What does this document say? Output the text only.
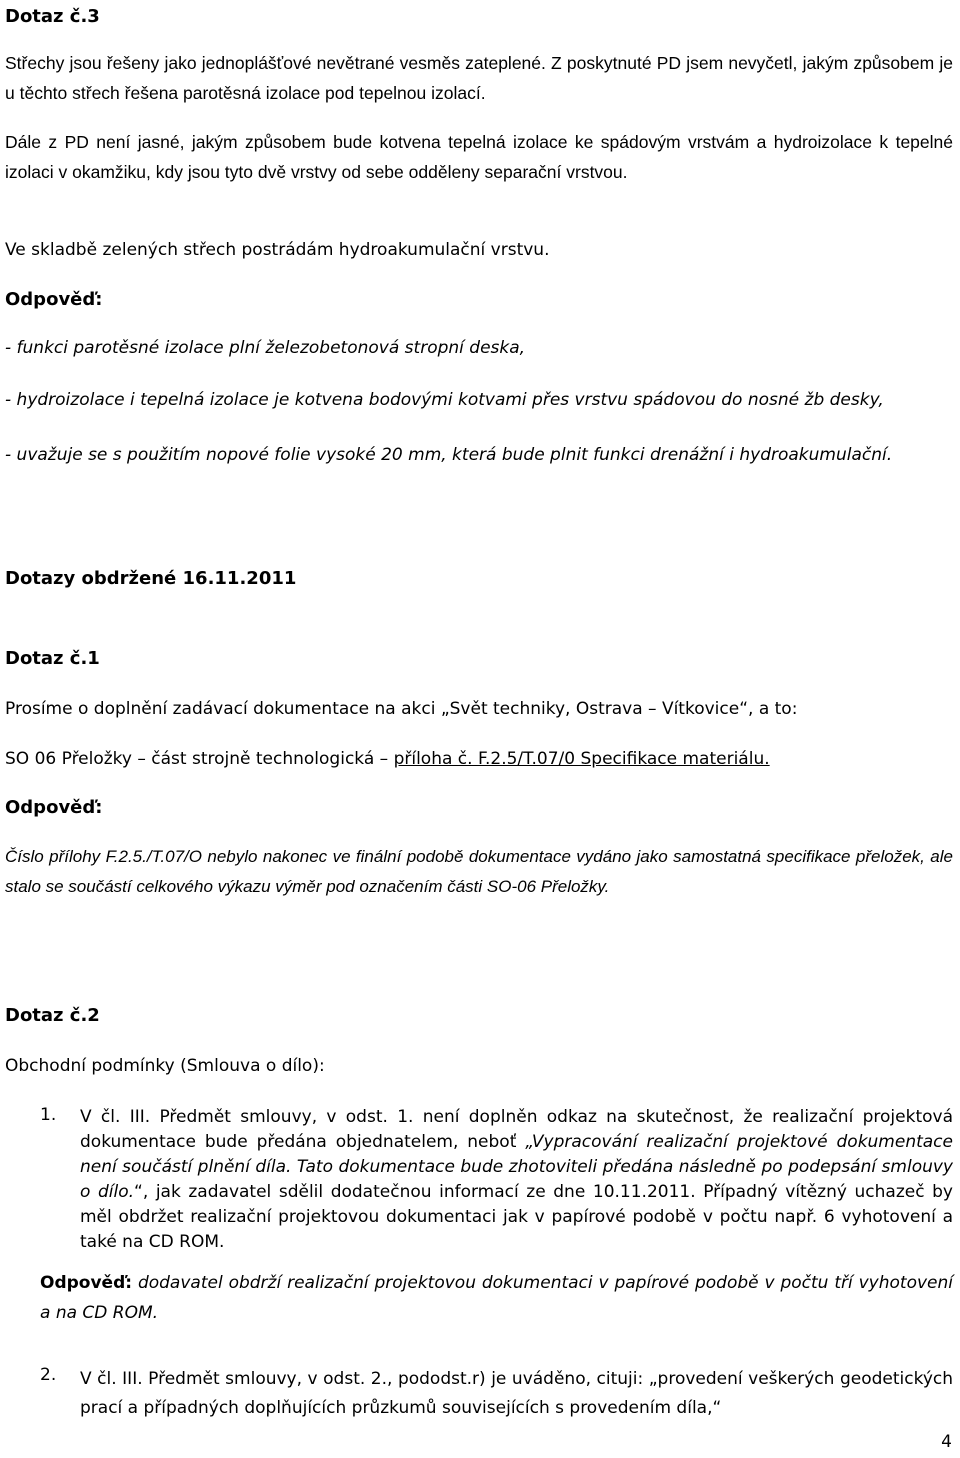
Dotaz č.3
Střechy jsou řešeny jako jednoplášťové nevětrané vesměs zateplené. Z poskytnuté PD jsem nevyčetl, jakým způsobem je u těchto střech řešena parotěsná izolace pod tepelnou izolací.
Dále z PD není jasné, jakým způsobem bude kotvena tepelná izolace ke spádovým vrstvám a hydroizolace k tepelné izolaci v okamžiku, kdy jsou tyto dvě vrstvy od sebe odděleny separační vrstvou.
Ve skladbě zelených střech postrádám hydroakumulační vrstvu.
Odpověď:
- funkci parotěsné izolace plní železobetonová stropní deska,
- hydroizolace i tepelná izolace je kotvena bodovými kotvami přes vrstvu spádovou do nosné žb desky,
- uvažuje se s použitím nopové folie vysoké 20 mm, která bude plnit funkci drenážní i hydroakumulační.
Dotazy obdržené 16.11.2011
Dotaz č.1
Prosíme o doplnění zadávací dokumentace na akci „Svět techniky, Ostrava – Vítkovice“, a to:
SO 06 Přeložky – část strojně technologická – příloha č. F.2.5/T.07/0 Specifikace materiálu.
Odpověď:
Číslo přílohy F.2.5./T.07/O nebylo nakonec ve finální podobě dokumentace vydáno jako samostatná specifikace přeložek, ale stalo se součástí celkového výkazu výměr pod označením části SO-06 Přeložky.
Dotaz č.2
Obchodní podmínky (Smlouva o dílo):
1. V čl. III. Předmět smlouvy, v odst. 1. není doplněn odkaz na skutečnost, že realizační projektová dokumentace bude předána objednatelem, neboť „Vypracování realizační projektové dokumentace není součástí plnění díla. Tato dokumentace bude zhotoviteli předána následně po podepsání smlouvy o dílo.“, jak zadavatel sdělil dodatečnou informací ze dne 10.11.2011. Případný vítězný uchazeč by měl obdržet realizační projektovou dokumentaci jak v papírové podobě v počtu např. 6 vyhotovení a také na CD ROM.
Odpověď: dodavatel obdrží realizační projektovou dokumentaci v papírové podobě v počtu tří vyhotovení a na CD ROM.
2. V čl. III. Předmět smlouvy, v odst. 2., pododst.r) je uváděno, cituji: „provedení veškerých geodetických prací a případných doplňujících průzkumů souvisejících s provedením díla,“
4
